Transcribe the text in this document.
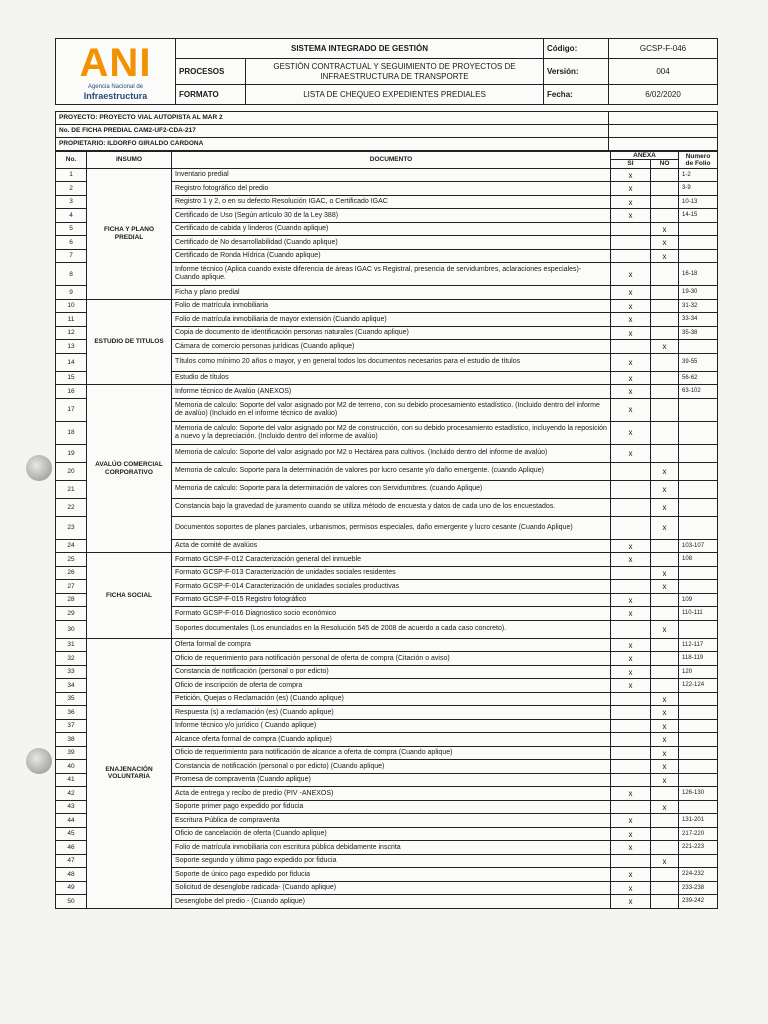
ANI
Agencia Nacional de
Infraestructura	SISTEMA INTEGRADO DE GESTIÓN		Código:	GCSP-F-046
	PROCESOS	GESTIÓN CONTRACTUAL Y SEGUIMIENTO DE PROYECTOS DE INFRAESTRUCTURA DE TRANSPORTE	Versión:	004
	FORMATO	LISTA DE CHEQUEO EXPEDIENTES PREDIALES	Fecha:	6/02/2020
PROYECTO: PROYECTO VIAL AUTOPISTA AL MAR 2	
No. DE FICHA PREDIAL CAM2-UF2-CDA-217	
PROPIETARIO: ILDORFO GIRALDO CARDONA	
No.	INSUMO	DOCUMENTO	ANEXA		Numero de Folio
			SI	NO	
1	FICHA Y PLANO PREDIAL	Inventario predial	x		1-2
2		Registro fotográfico del predio	x		3-9
3		Registro 1 y 2, o en su defecto Resolución IGAC, o Certificado IGAC	x		10-13
4		Certificado de Uso (Según artículo 30 de la Ley 388)	x		14-15
5		Certificado de cabida y linderos (Cuando aplique)		x	
6		Certificado de No desarrollabilidad (Cuando aplique)		x	
7		Certificado de Ronda Hídrica (Cuando aplique)		x	
8		Informe técnico (Aplica cuando existe diferencia de áreas IGAC vs Registral, presencia de servidumbres, aclaraciones especiales)- Cuando aplique.	x		16-18
9		Ficha y plano predial	x		19-30
10	ESTUDIO DE TITULOS	Folio de matrícula inmobiliaria	x		31-32
11		Folio de matrícula inmobiliaria de mayor extensión (Cuando aplique)	x		33-34
12		Copia de documento de identificación personas naturales (Cuando aplique)	x		35-38
13		Cámara de comercio personas jurídicas (Cuando aplique)		x	
14		Títulos como mínimo 20 años o mayor, y en general todos los documentos necesarios para el estudio de títulos	x		39-55
15		Estudio de títulos	x		56-62
16	AVALÚO COMERCIAL CORPORATIVO	Informe técnico de Avalúo (ANEXOS)	x		63-102
17		Memoria de calculo: Soporte del valor asignado por M2 de terreno, con su debido procesamiento estadístico. (Incluido dentro del informe de avalúo) (Incluido en el informe técnico de avalúo)	x		
18		Memoria de calculo: Soporte del valor asignado por M2 de construcción, con su debido procesamiento estadístico, incluyendo la reposición a nuevo y la depreciación. (Incluido dentro del informe de avalúo)	x		
19		Memoria de calculo: Soporte del valor asignado por M2 o Hectárea para cultivos. (Incluido dentro del informe de avalúo)	x		
20		Memoria de calculo: Soporte para la determinación de valores por lucro cesante y/o daño emergente. (cuando Aplique)		x	
21		Memoria de calculo: Soporte para la determinación de valores con Servidumbres. (cuando Aplique)		x	
22		Constancia bajo la gravedad de juramento cuando se utiliza método de encuesta y datos de cada uno de los encuestados.		x	
23		Documentos soportes de planes parciales, urbanismos, permisos especiales, daño emergente y lucro cesante (Cuando Aplique)		x	
24		Acta de comité de avalúos	x		103-107
25	FICHA SOCIAL	Formato GCSP-F-012 Caracterización general del inmueble	x		108
26		Formato GCSP-F-013 Caracterización de unidades sociales residentes		x	
27		Formato GCSP-F-014 Caracterización de unidades sociales productivas		x	
28		Formato GCSP-F-015 Registro fotográfico	x		109
29		Formato GCSP-F-016 Diagnostico socio económico	x		110-111
30		Soportes documentales (Los enunciados en la Resolución 545 de 2008 de acuerdo a cada caso concreto).		x	
31	ENAJENACIÓN VOLUNTARIA	Oferta formal de compra	x		112-117
32		Oficio de requerimiento para notificación personal de oferta de compra (Citación o aviso)	x		118-119
33		Constancia de notificación (personal o por edicto)	x		120
34		Oficio de inscripción de oferta de compra	x		122-124
35		Petición, Quejas o Reclamación (es) (Cuando aplique)		x	
36		Respuesta (s) a reclamación (es) (Cuando aplique)		x	
37		Informe técnico y/o jurídico ( Cuando aplique)		x	
38		Alcance oferta formal de compra (Cuando aplique)		x	
39		Oficio de requerimiento para notificación de alcance a oferta de compra (Cuando aplique)		x	
40		Constancia de notificación (personal o por edicto) (Cuando aplique)		x	
41		Promesa de compraventa (Cuando aplique)		x	
42		Acta de entrega y recibo de predio (PIV -ANEXOS)	x		126-130
43		Soporte primer pago expedido por fiducia		x	
44		Escritura Pública de compraventa	x		131-201
45		Oficio de cancelación de oferta (Cuando aplique)	x		217-220
46		Folio de matrícula inmobiliaria con escritura pública debidamente inscrita	x		221-223
47		Soporte segundo y último pago expedido por fiducia		x	
48		Soporte de único pago expedido por fiducia	x		224-232
49		Solicitud de desenglobe radicada- (Cuando aplique)	x		233-238
50		Desenglobe del predio - (Cuando aplique)	x		239-242
